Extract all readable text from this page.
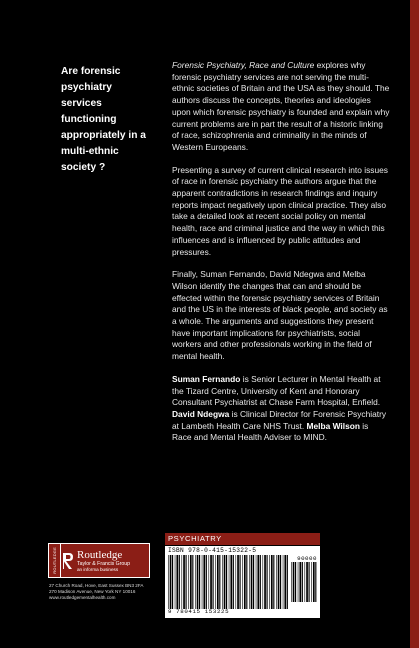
Are forensic psychiatry services functioning appropriately in a multi-ethnic society ?

Forensic Psychiatry, Race and Culture explores why forensic psychiatry services are not serving the multi-ethnic societies of Britain and the USA as they should. The authors discuss the concepts, theories and ideologies upon which forensic psychiatry is founded and explain why current problems are in part the result of a historic linking of race, schizophrenia and criminality in the minds of Western Europeans.

Presenting a survey of current clinical research into issues of race in forensic psychiatry the authors argue that the apparent contradictions in research findings and inquiry reports impact negatively upon clinical practice. They also take a detailed look at recent social policy on mental health, race and criminal justice and the way in which this influences and is influenced by public attitudes and pressures.

Finally, Suman Fernando, David Ndegwa and Melba Wilson identify the changes that can and should be effected within the forensic psychiatry services of Britain and the US in the interests of black people, and society as a whole. The arguments and suggestions they present have important implications for psychiatrists, social workers and other professionals working in the field of mental health.

Suman Fernando is Senior Lecturer in Mental Health at the Tizard Centre, University of Kent and Honorary Consultant Psychiatrist at Chase Farm Hospital, Enfield. David Ndegwa is Clinical Director for Forensic Psychiatry at Lambeth Health Care NHS Trust. Melba Wilson is Race and Mental Health Adviser to MIND.

ROUTLEDGE Routledge
Taylor & Francis Group
an informa business
27 Church Road, Hove, East Sussex BN3 2FA
270 Madison Avenue, New York NY 10016
www.routledgementalhealth.com
PSYCHIATRY
ISBN 978-0-415-15322-5
90000
9 780415 153225
